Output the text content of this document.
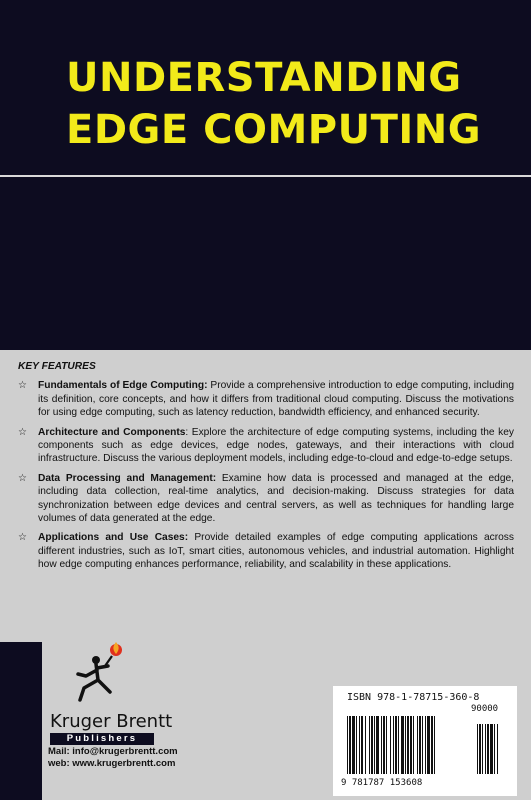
UNDERSTANDING
EDGE COMPUTING

KEY FEATURES

☆ Fundamentals of Edge Computing: Provide a comprehensive introduction to edge computing, including its definition, core concepts, and how it differs from traditional cloud computing. Discuss the motivations for using edge computing, such as latency reduction, bandwidth efficiency, and enhanced security.
☆ Architecture and Components: Explore the architecture of edge computing systems, including the key components such as edge devices, edge nodes, gateways, and their interactions with cloud infrastructure. Discuss the various deployment models, including edge-to-cloud and edge-to-edge setups.
☆ Data Processing and Management: Examine how data is processed and managed at the edge, including data collection, real-time analytics, and decision-making. Discuss strategies for data synchronization between edge devices and central servers, as well as techniques for handling large volumes of data generated at the edge.
☆ Applications and Use Cases: Provide detailed examples of edge computing applications across different industries, such as IoT, smart cities, autonomous vehicles, and industrial automation. Highlight how edge computing enhances performance, reliability, and scalability in these applications.
Kruger Brentt
Publishers
Mail: info@krugerbrentt.com
web: www.krugerbrentt.com
ISBN 978-1-78715-360-8
90000
9 781787 153608
